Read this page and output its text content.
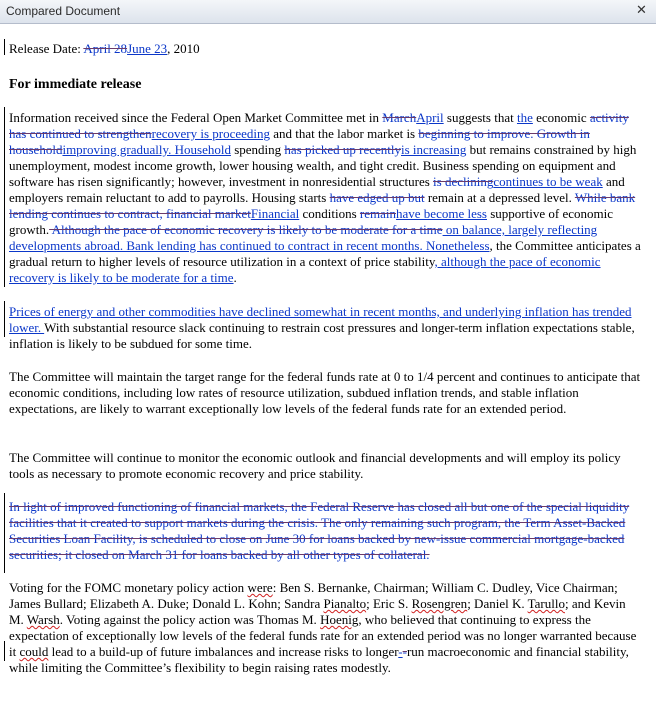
Compared Document	✕
Release Date: April 28June 23, 2010
For immediate release

Information received since the Federal Open Market Committee met in MarchApril suggests that the economic activity has continued to strengthenrecovery is proceeding and that the labor market is beginning to improve. Growth in householdimproving gradually. Household spending has picked up recentlyis increasing but remains constrained by high unemployment, modest income growth, lower housing wealth, and tight credit. Business spending on equipment and software has risen significantly; however, investment in nonresidential structures is decliningcontinues to be weak and employers remain reluctant to add to payrolls. Housing starts have edged up but remain at a depressed level. While bank lending continues to contract, financial marketFinancial conditions remainhave become less supportive of economic growth. Although the pace of economic recovery is likely to be moderate for a time on balance, largely reflecting developments abroad. Bank lending has continued to contract in recent months. Nonetheless, the Committee anticipates a gradual return to higher levels of resource utilization in a context of price stability, although the pace of economic recovery is likely to be moderate for a time.

Prices of energy and other commodities have declined somewhat in recent months, and underlying inflation has trended lower. With substantial resource slack continuing to restrain cost pressures and longer-term inflation expectations stable, inflation is likely to be subdued for some time.

The Committee will maintain the target range for the federal funds rate at 0 to 1/4 percent and continues to anticipate that economic conditions, including low rates of resource utilization, subdued inflation trends, and stable inflation expectations, are likely to warrant exceptionally low levels of the federal funds rate for an extended period.

The Committee will continue to monitor the economic outlook and financial developments and will employ its policy tools as necessary to promote economic recovery and price stability.

In light of improved functioning of financial markets, the Federal Reserve has closed all but one of the special liquidity facilities that it created to support markets during the crisis. The only remaining such program, the Term Asset-Backed Securities Loan Facility, is scheduled to close on June 30 for loans backed by new-issue commercial mortgage-backed securities; it closed on March 31 for loans backed by all other types of collateral.

Voting for the FOMC monetary policy action were: Ben S. Bernanke, Chairman; William C. Dudley, Vice Chairman; James Bullard; Elizabeth A. Duke; Donald L. Kohn; Sandra Pianalto; Eric S. Rosengren; Daniel K. Tarullo; and Kevin M. Warsh. Voting against the policy action was Thomas M. Hoenig, who believed that continuing to express the expectation of exceptionally low levels of the federal funds rate for an extended period was no longer warranted because it could lead to a build-up of future imbalances and increase risks to longer--run macroeconomic and financial stability, while limiting the Committee’s flexibility to begin raising rates modestly.
